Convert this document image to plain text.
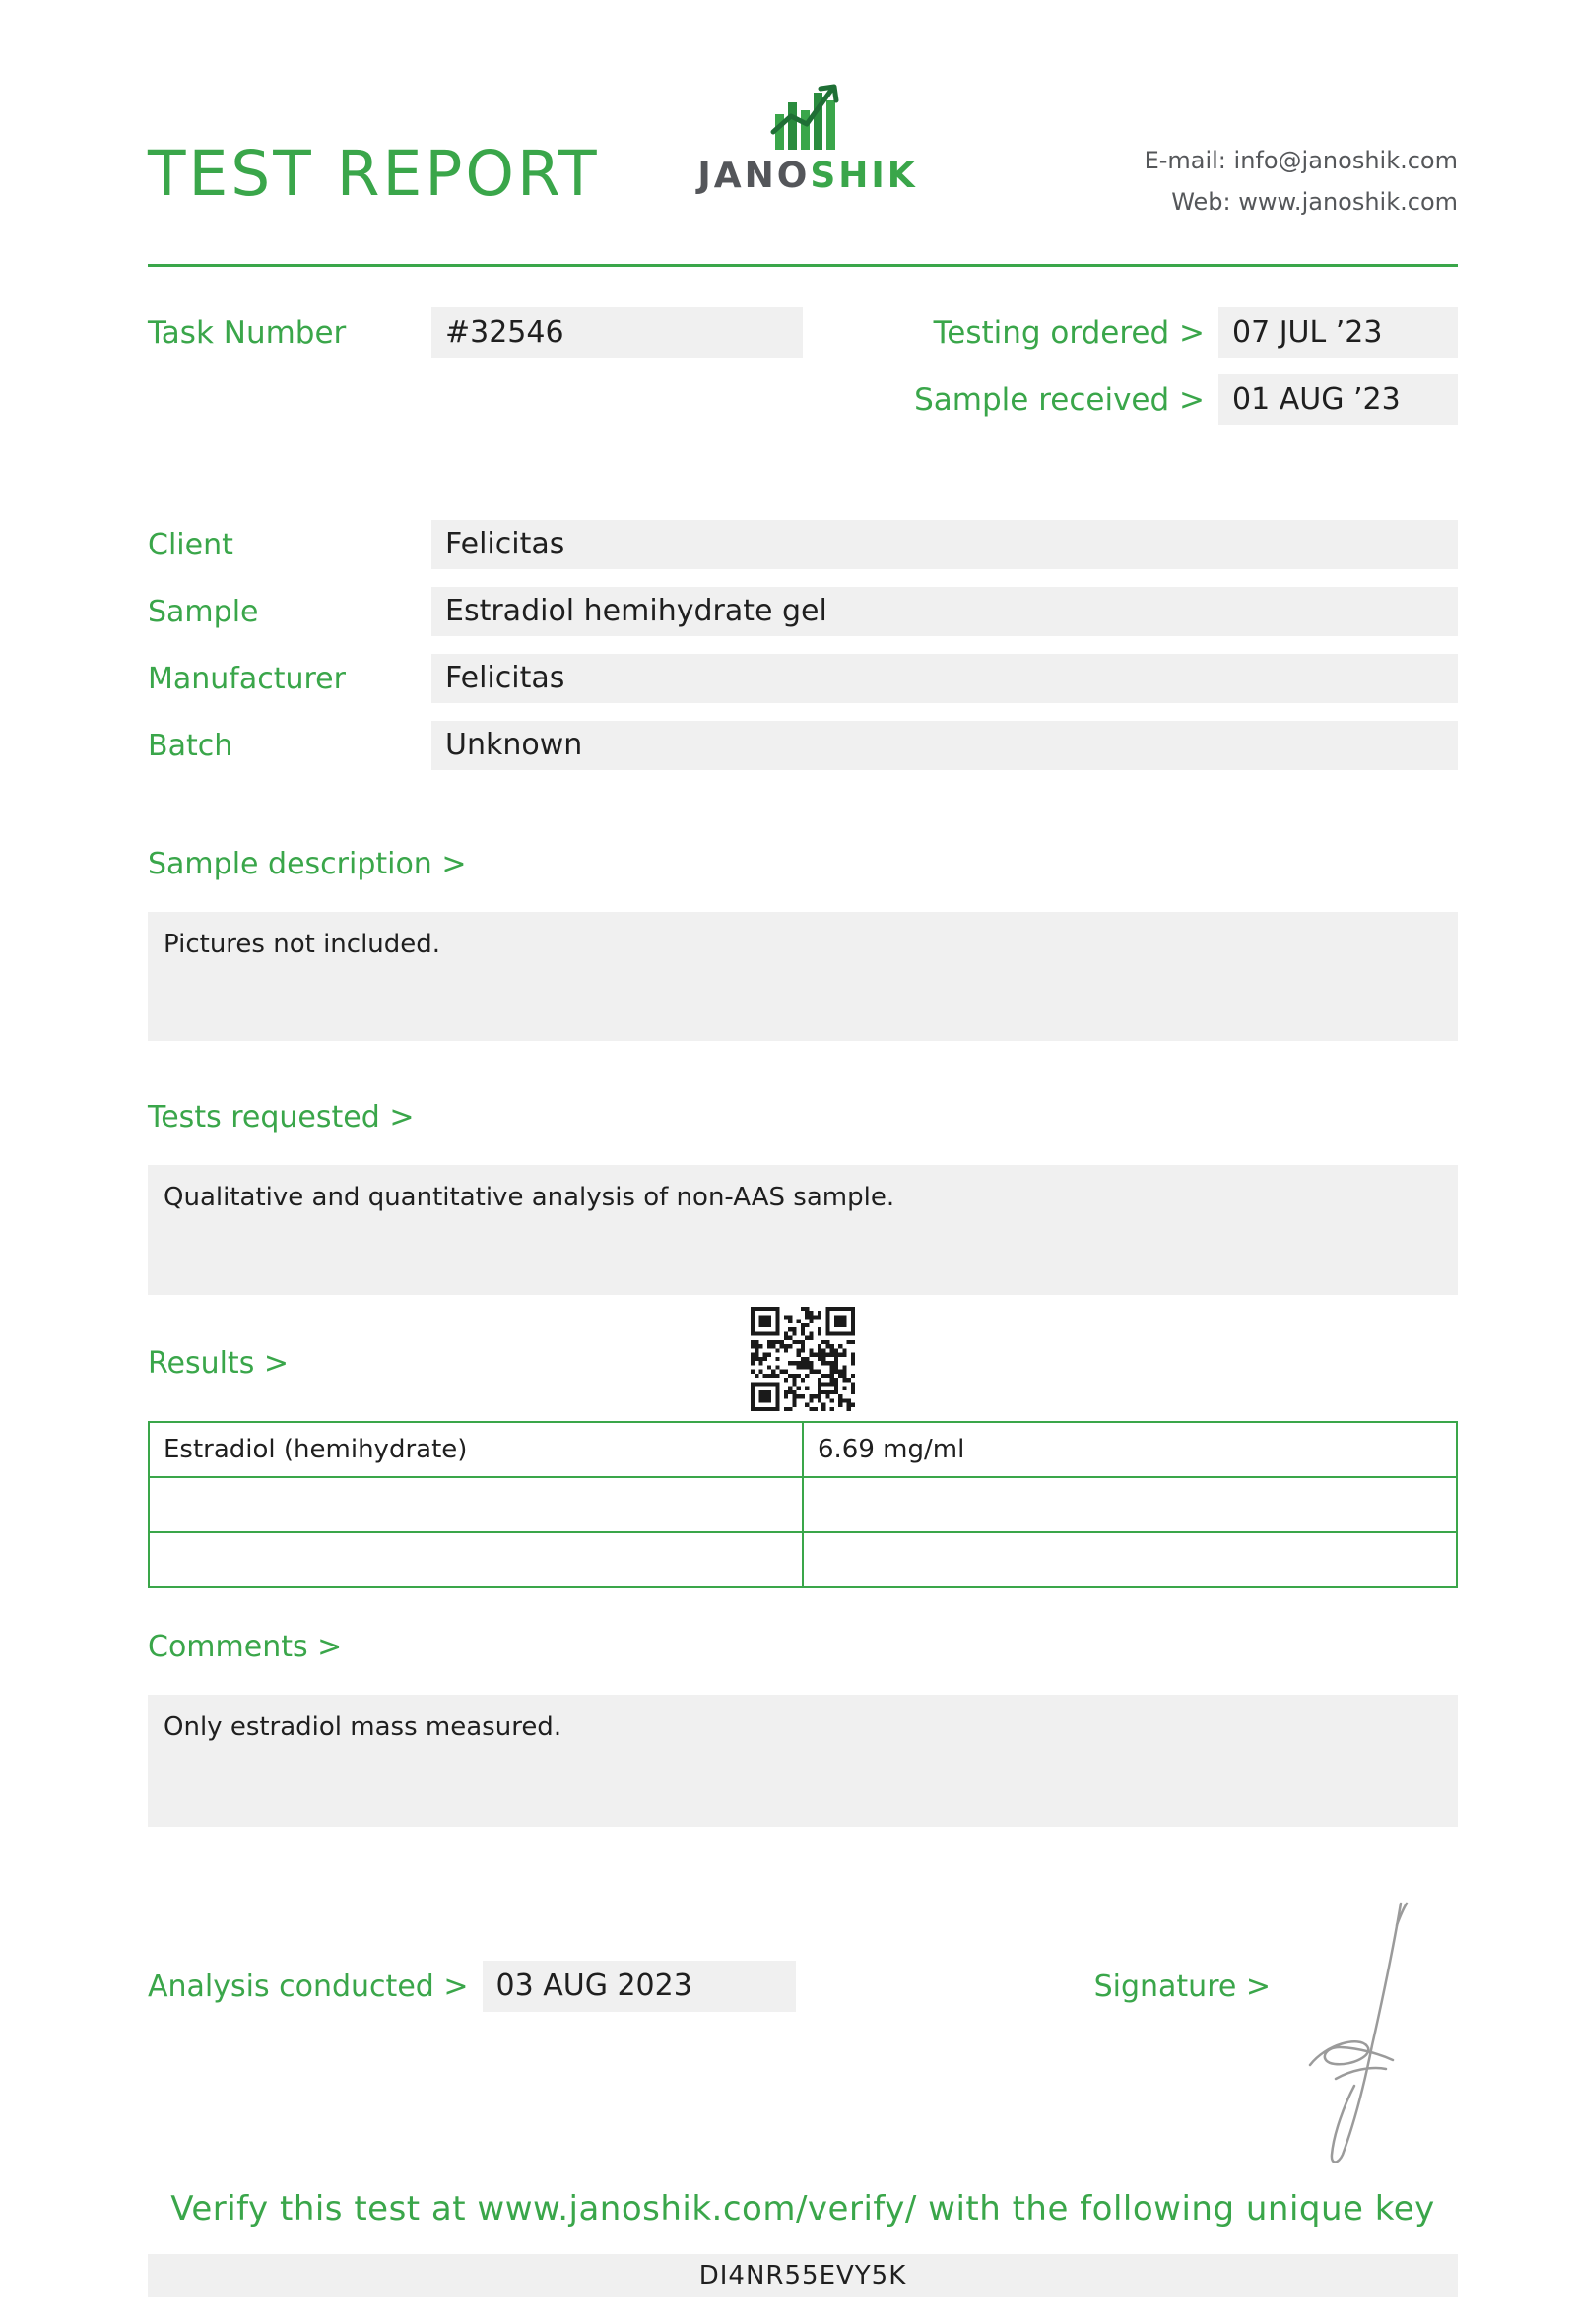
TEST REPORT	JANOSHIK	E-mail: info@janoshik.com
Web: www.janoshik.com
Task Number	#32546	Testing ordered > 07 JUL ’23
Sample received > 01 AUG ’23
Client	Felicitas
Sample	Estradiol hemihydrate gel
Manufacturer	Felicitas
Batch	Unknown
Sample description >
Pictures not included.
Tests requested >
Qualitative and quantitative analysis of non-AAS sample.
Results >
Estradiol (hemihydrate)	6.69 mg/ml

Comments >
Only estradiol mass measured.
Analysis conducted > 03 AUG 2023	Signature >
Verify this test at www.janoshik.com/verify/ with the following unique key
DI4NR55EVY5K
